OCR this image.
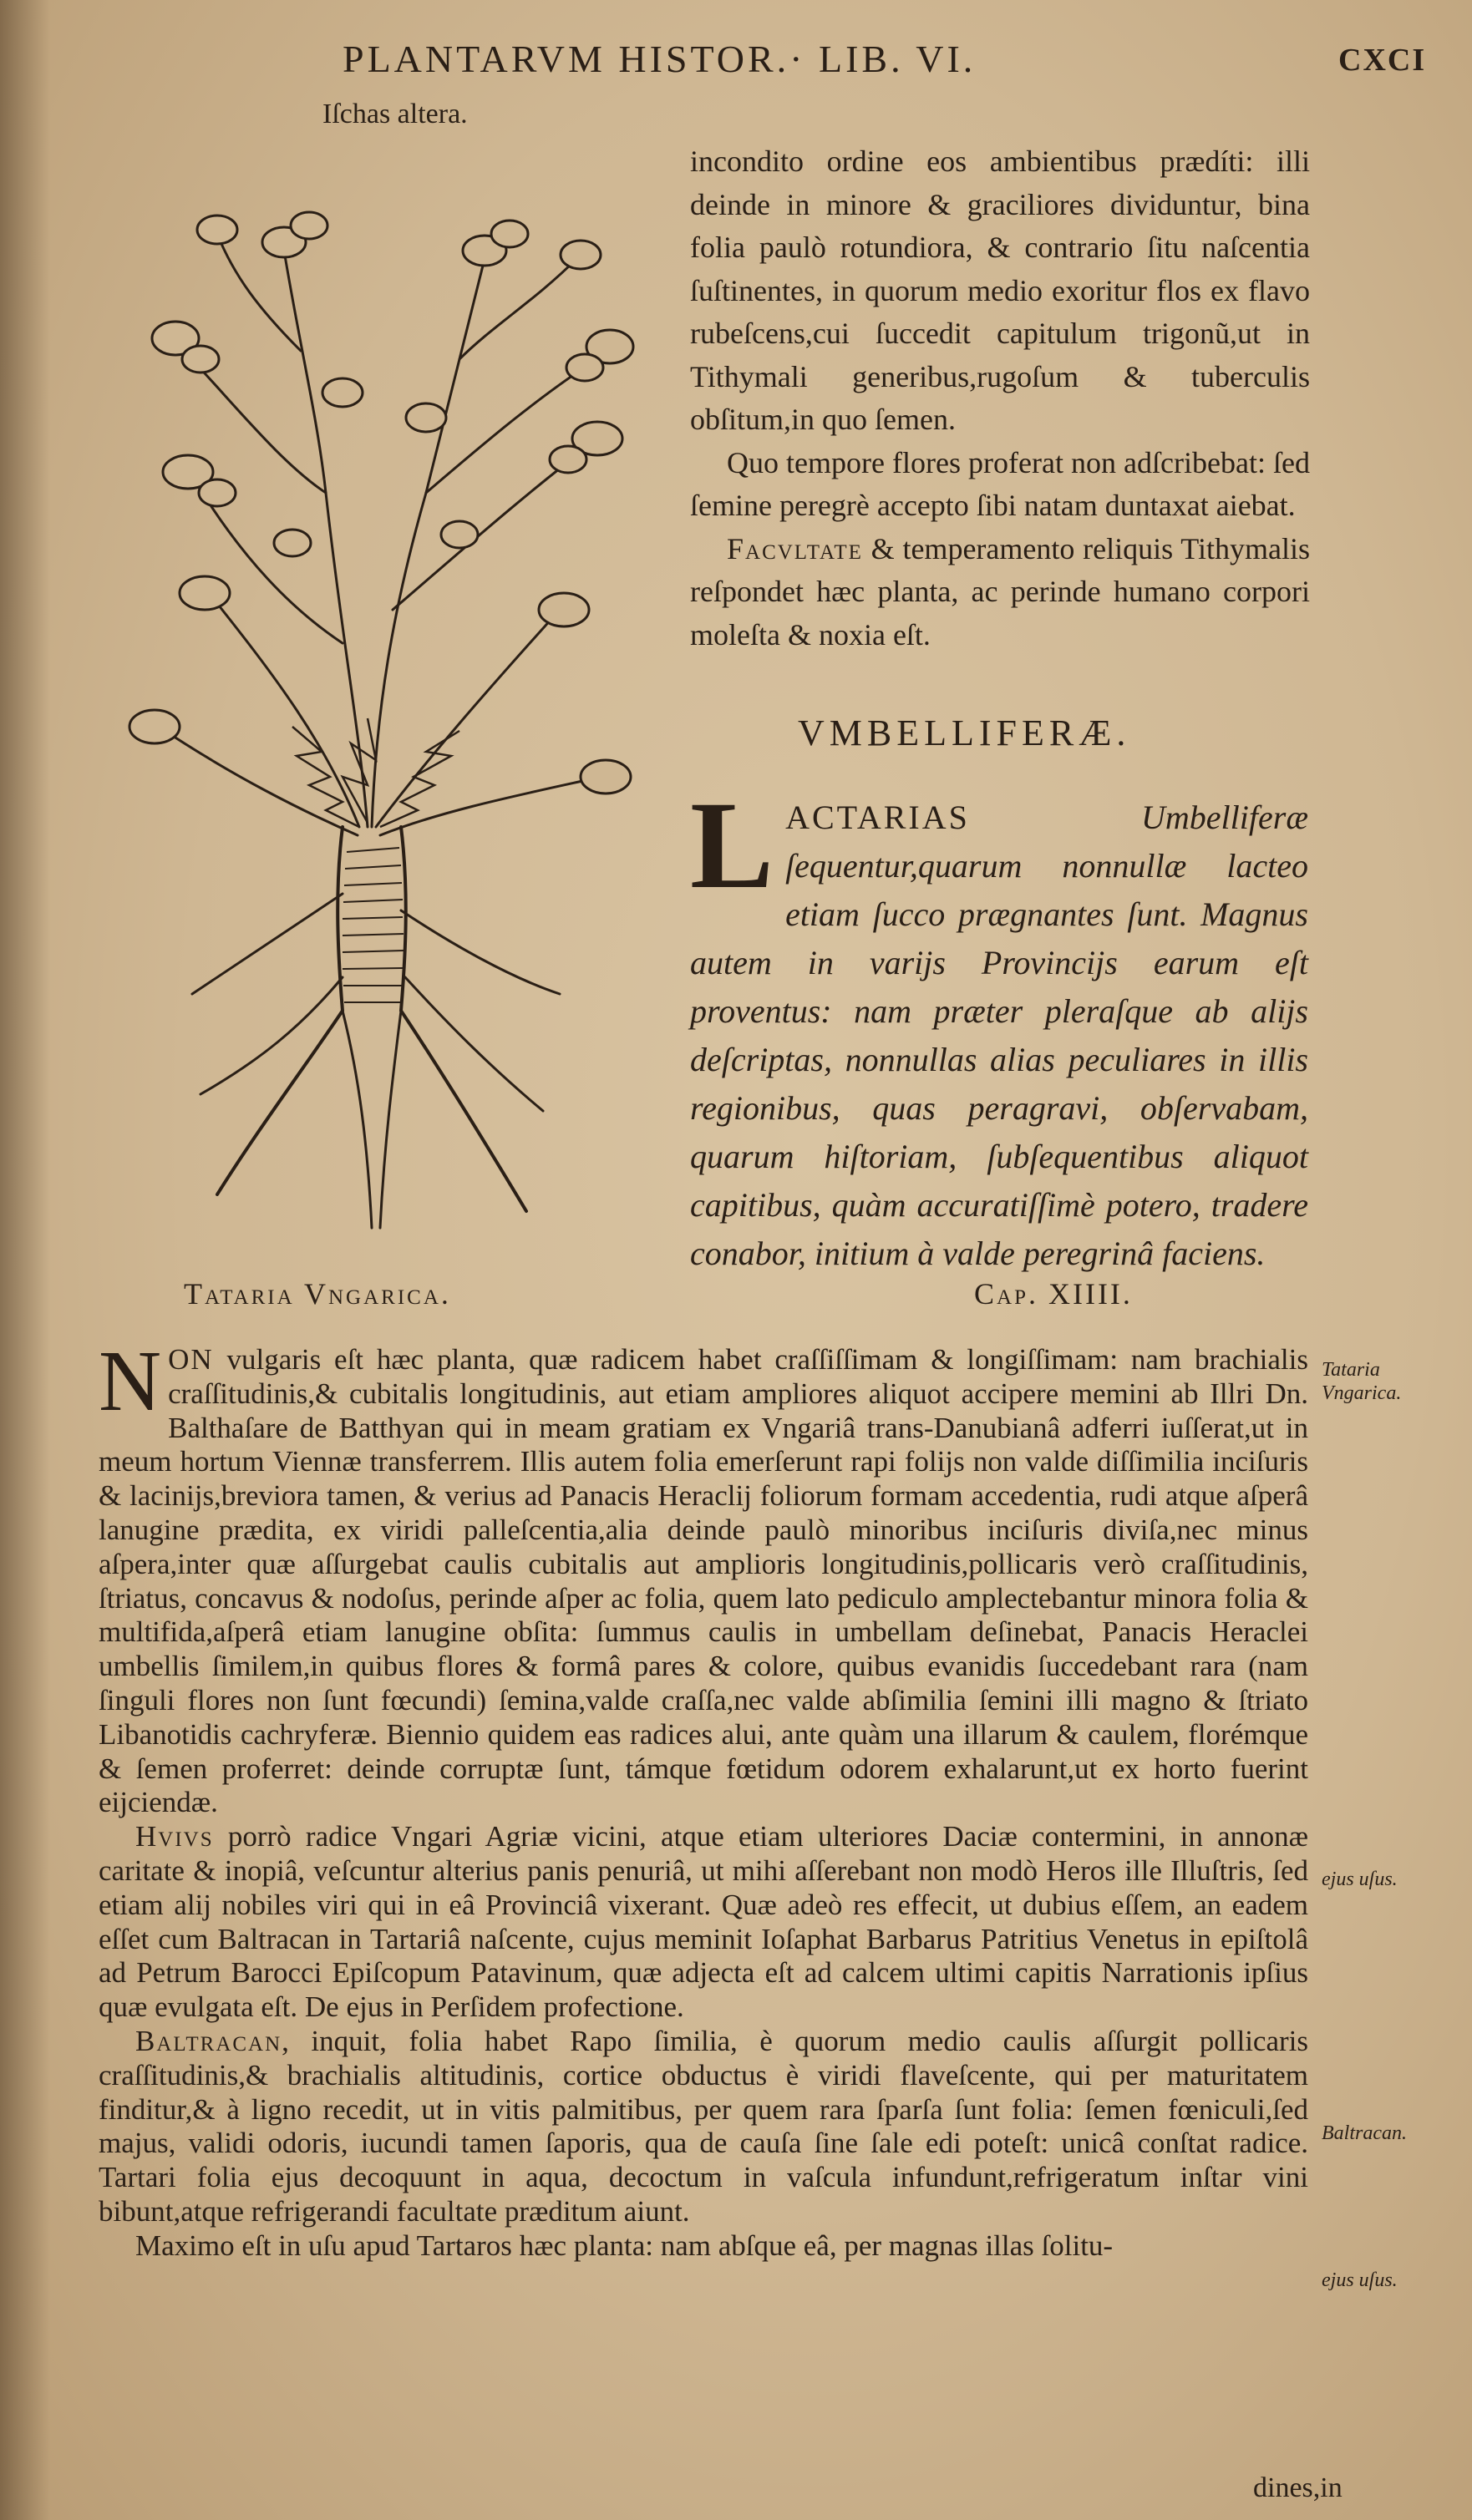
PLANTARVM HISTOR.· LIB. VI.	CXCI
Iſchas altera.

incondito ordine eos ambientibus prædíti: illi deinde in minore & graciliores dividuntur, bina folia paulò rotundiora, & contrario ſitu naſcentia ſuſtinentes, in quorum medio exoritur flos ex flavo rubeſcens,cui ſuccedit capitulum trigonũ,ut in Tithymali generibus,rugoſum & tuberculis obſitum,in quo ſemen.

Quo tempore flores proferat non adſcribebat: ſed ſemine peregrè accepto ſibi natam duntaxat aiebat.

Facvltate & temperamento reliquis Tithymalis reſpondet hæc planta, ac perinde humano corpori moleſta & noxia eſt.

VMBELLIFERÆ.
LACTARIAS Umbelliferæ ſequentur,quarum nonnullæ lacteo etiam ſucco prægnantes ſunt. Magnus autem in varijs Provincijs earum eſt proventus: nam præter pleraſque ab alijs deſcriptas, nonnullas alias peculiares in illis regionibus, quas peragravi, obſervabam, quarum hiſtoriam, ſubſequentibus aliquot capitibus, quàm accuratiſſimè potero, tradere conabor, initium à valde peregrinâ faciens.
Tataria Vngarica.	Cap. XIIII.

NON vulgaris eſt hæc planta, quæ radicem habet craſſiſſimam & longiſſimam: nam brachialis craſſitudinis,& cubitalis longitudinis, aut etiam ampliores aliquot accipere memini ab Illri Dn. Balthaſare de Batthyan qui in meam gratiam ex Vngariâ trans-Danubianâ adferri iuſſerat,ut in meum hortum Viennæ transferrem. Illis autem folia emerſerunt rapi folijs non valde diſſimilia inciſuris & lacinijs,breviora tamen, & verius ad Panacis Heraclij foliorum formam accedentia, rudi atque aſperâ lanugine prædita, ex viridi palleſcentia,alia deinde paulò minoribus inciſuris diviſa,nec minus aſpera,inter quæ aſſurgebat caulis cubitalis aut amplioris longitudinis,pollicaris verò craſſitudinis, ſtriatus, concavus & nodoſus, perinde aſper ac folia, quem lato pediculo amplectebantur minora folia & multifida,aſperâ etiam lanugine obſita: ſummus caulis in umbellam deſinebat, Panacis Heraclei umbellis ſimilem,in quibus flores & formâ pares & colore, quibus evanidis ſuccedebant rara (nam ſinguli flores non ſunt fœcundi) ſemina,valde craſſa,nec valde abſimilia ſemini illi magno & ſtriato Libanotidis cachryferæ. Biennio quidem eas radices alui, ante quàm una illarum & caulem, florémque & ſemen proferret: deinde corruptæ ſunt, támque fœtidum odorem exhalarunt,ut ex horto fuerint eijciendæ.

Hvivs porrò radice Vngari Agriæ vicini, atque etiam ulteriores Daciæ contermini, in annonæ caritate & inopiâ, veſcuntur alterius panis penuriâ, ut mihi aſſerebant non modò Heros ille Illuſtris, ſed etiam alij nobiles viri qui in eâ Provinciâ vixerant. Quæ adeò res effecit, ut dubius eſſem, an eadem eſſet cum Baltracan in Tartariâ naſcente, cujus meminit Ioſaphat Barbarus Patritius Venetus in epiſtolâ ad Petrum Barocci Epiſcopum Patavinum, quæ adjecta eſt ad calcem ultimi capitis Narrationis ipſius quæ evulgata eſt. De ejus in Perſidem profectione.

Baltracan, inquit, folia habet Rapo ſimilia, è quorum medio caulis aſſurgit pollicaris craſſitudinis,& brachialis altitudinis, cortice obductus è viridi flaveſcente, qui per maturitatem finditur,& à ligno recedit, ut in vitis palmitibus, per quem rara ſparſa ſunt folia: ſemen fœniculi,ſed majus, validi odoris, iucundi tamen ſaporis, qua de cauſa ſine ſale edi poteſt: unicâ conſtat radice. Tartari folia ejus decoquunt in aqua, decoctum in vaſcula infundunt,refrigeratum inſtar vini bibunt,atque refrigerandi facultate præditum aiunt.

Maximo eſt in uſu apud Tartaros hæc planta: nam abſque eâ, per magnas illas ſolitu-

dines,in
Tataria Vngarica.
ejus uſus.
Baltracan.
ejus uſus.
